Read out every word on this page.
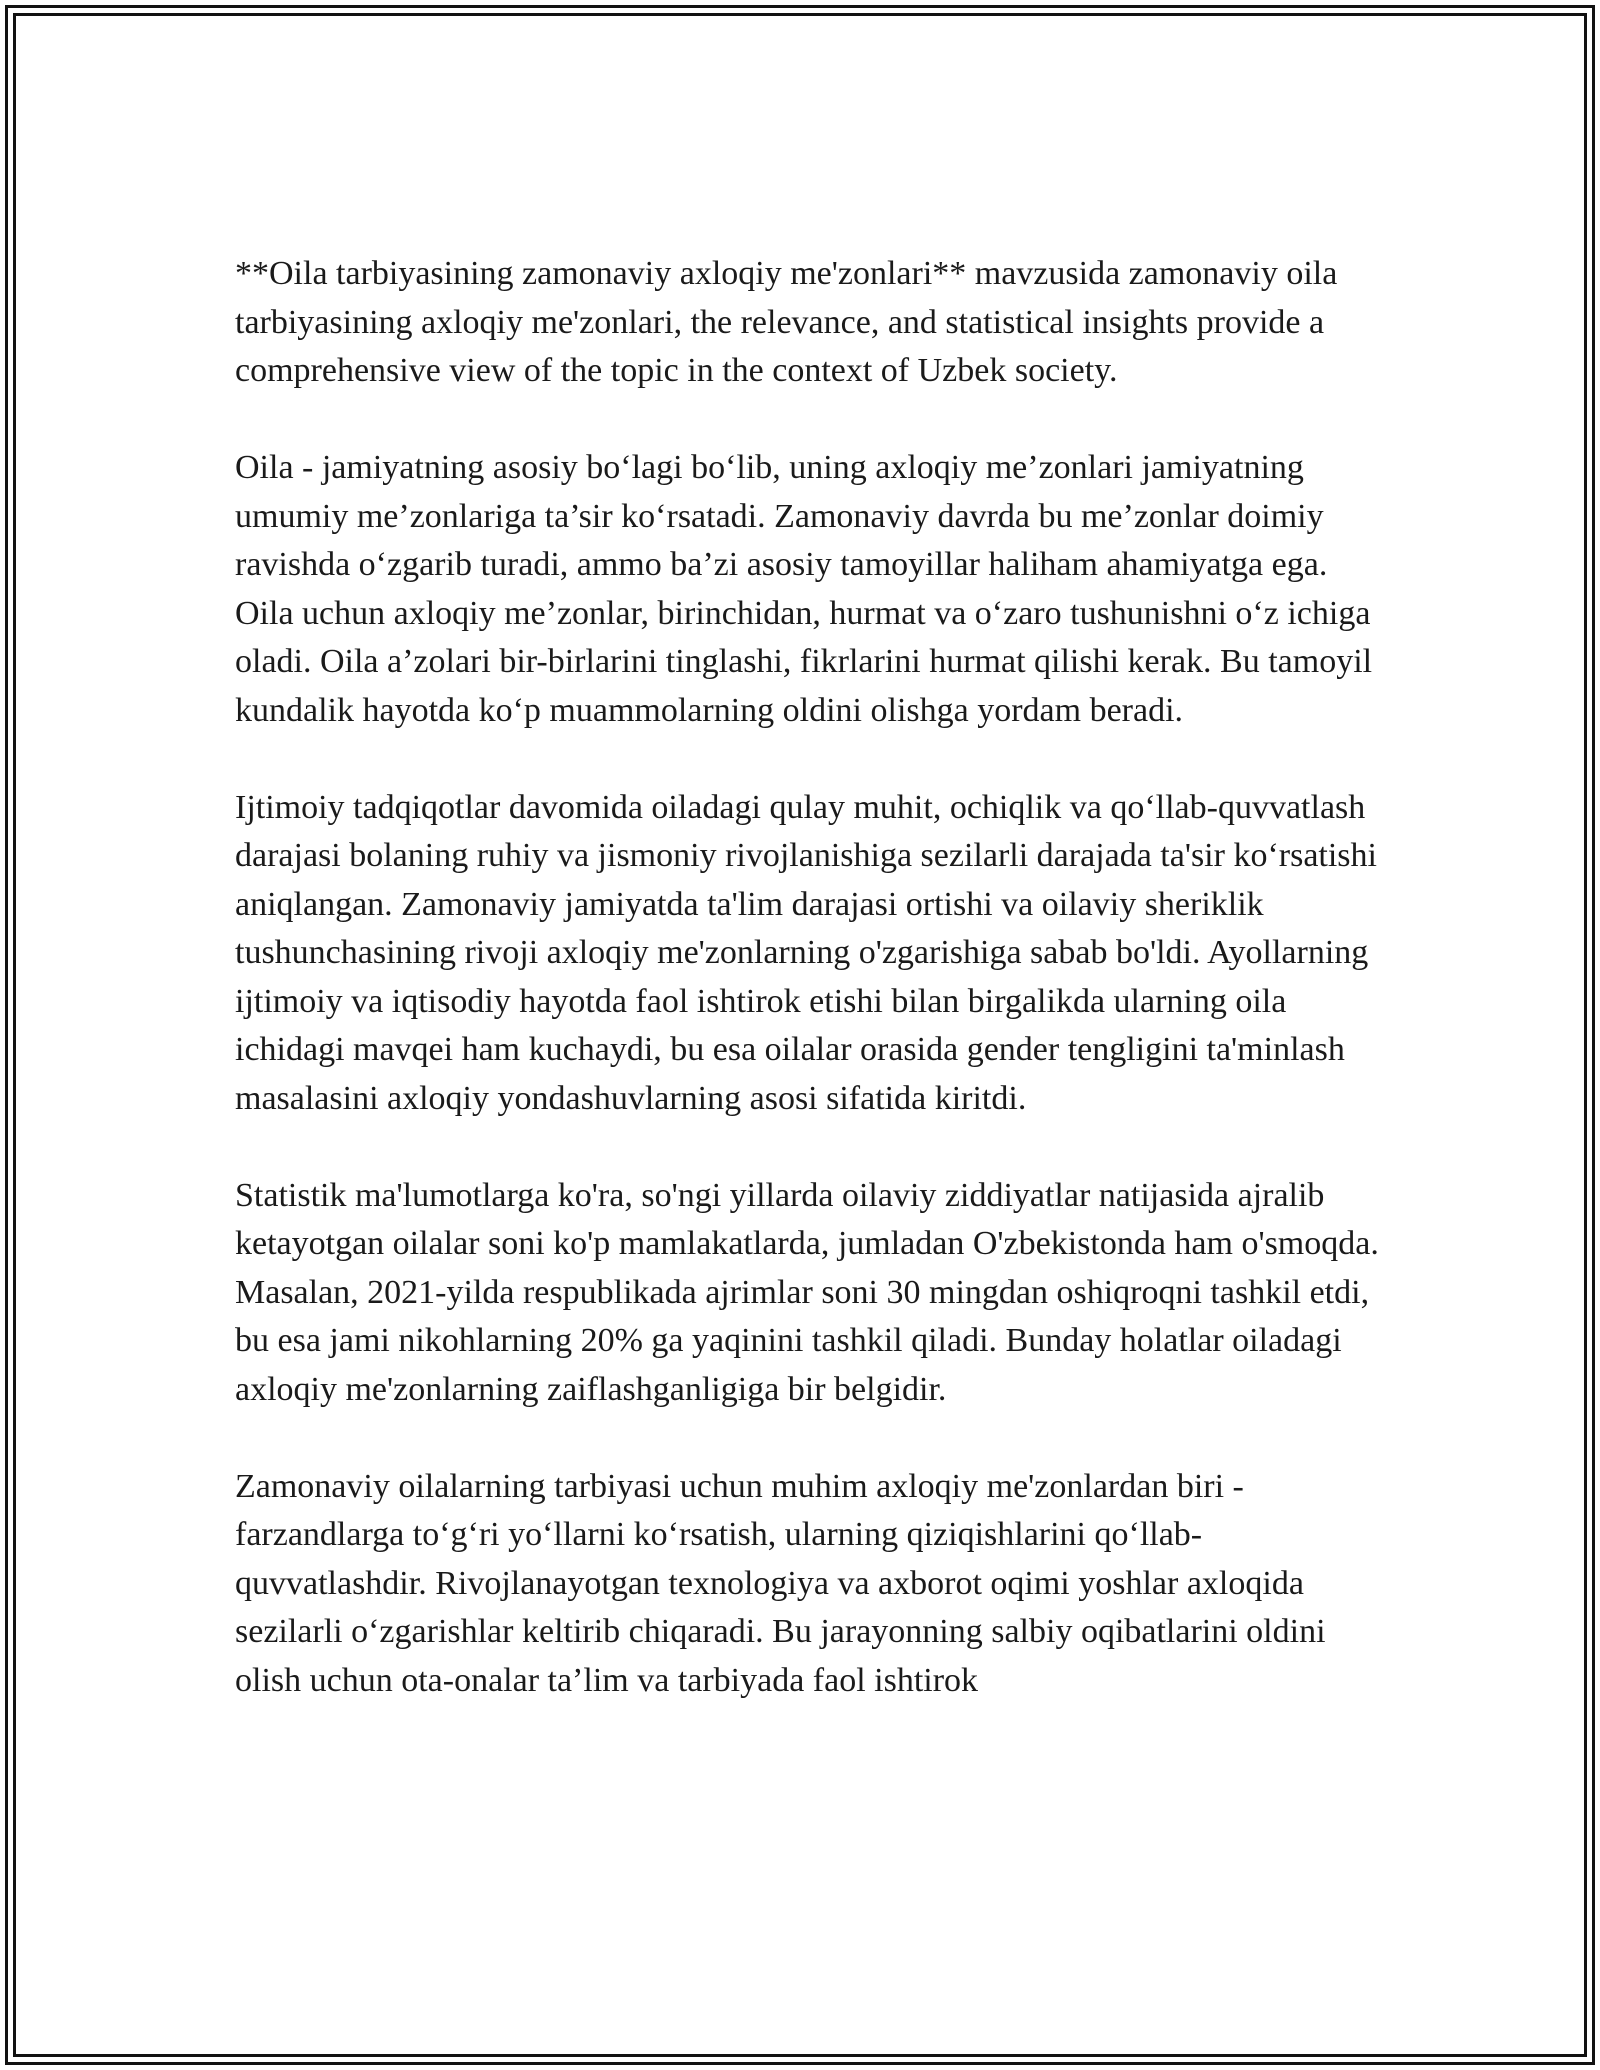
**Oila tarbiyasining zamonaviy axloqiy me'zonlari** mavzusida zamonaviy oila tarbiyasining axloqiy me'zonlari, the relevance, and statistical insights provide a comprehensive view of the topic in the context of Uzbek society.

Oila - jamiyatning asosiy bo‘lagi bo‘lib, uning axloqiy me’zonlari jamiyatning umumiy me’zonlariga ta’sir ko‘rsatadi. Zamonaviy davrda bu me’zonlar doimiy ravishda o‘zgarib turadi, ammo ba’zi asosiy tamoyillar haliham ahamiyatga ega. Oila uchun axloqiy me’zonlar, birinchidan, hurmat va o‘zaro tushunishni o‘z ichiga oladi. Oila a’zolari bir-birlarini tinglashi, fikrlarini hurmat qilishi kerak. Bu tamoyil kundalik hayotda ko‘p muammolarning oldini olishga yordam beradi.

Ijtimoiy tadqiqotlar davomida oiladagi qulay muhit, ochiqlik va qo‘llab-quvvatlash darajasi bolaning ruhiy va jismoniy rivojlanishiga sezilarli darajada ta'sir ko‘rsatishi aniqlangan. Zamonaviy jamiyatda ta'lim darajasi ortishi va oilaviy sheriklik tushunchasining rivoji axloqiy me'zonlarning o'zgarishiga sabab bo'ldi. Ayollarning ijtimoiy va iqtisodiy hayotda faol ishtirok etishi bilan birgalikda ularning oila ichidagi mavqei ham kuchaydi, bu esa oilalar orasida gender tengligini ta'minlash masalasini axloqiy yondashuvlarning asosi sifatida kiritdi.

Statistik ma'lumotlarga ko'ra, so'ngi yillarda oilaviy ziddiyatlar natijasida ajralib ketayotgan oilalar soni ko'p mamlakatlarda, jumladan O'zbekistonda ham o'smoqda. Masalan, 2021-yilda respublikada ajrimlar soni 30 mingdan oshiqroqni tashkil etdi, bu esa jami nikohlarning 20% ga yaqinini tashkil qiladi. Bunday holatlar oiladagi axloqiy me'zonlarning zaiflashganligiga bir belgidir.

Zamonaviy oilalarning tarbiyasi uchun muhim axloqiy me'zonlardan biri - farzandlarga to‘g‘ri yo‘llarni ko‘rsatish, ularning qiziqishlarini qo‘llab-quvvatlashdir. Rivojlanayotgan texnologiya va axborot oqimi yoshlar axloqida sezilarli o‘zgarishlar keltirib chiqaradi. Bu jarayonning salbiy oqibatlarini oldini olish uchun ota-onalar ta’lim va tarbiyada faol ishtirok
